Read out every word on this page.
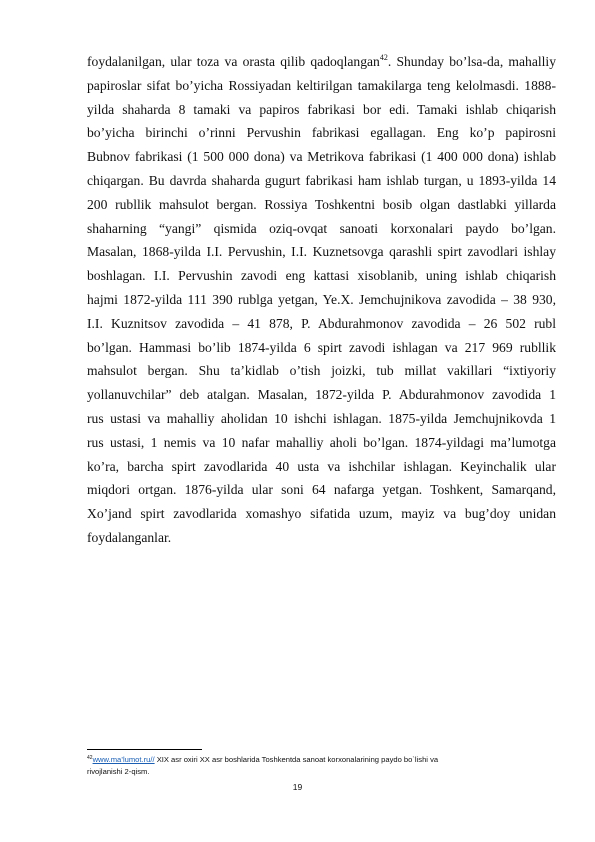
foydalanilgan, ular toza va orasta qilib qadoqlangan$^{42}$. Shunday bo’lsa-da, mahalliy
papiroslar sifat bo’yicha Rossiyadan keltirilgan tamakilarga teng kelolmasdi. 1888-
yilda shaharda 8 tamaki va papiros fabrikasi bor edi. Tamaki ishlab chiqarish
bo’yicha birinchi o’rinni Pervushin fabrikasi egallagan. Eng ko’p papirosni
Bubnov fabrikasi (1 500 000 dona) va Metrikova fabrikasi (1 400 000 dona) ishlab
chiqargan. Bu davrda shaharda gugurt fabrikasi ham ishlab turgan, u 1893-yilda 14
200 rubllik mahsulot bergan. Rossiya Toshkentni bosib olgan dastlabki yillarda
shaharning “yangi” qismida oziq-ovqat sanoati korxonalari paydo bo’lgan.
Masalan, 1868-yilda I.I. Pervushin, I.I. Kuznetsovga qarashli spirt zavodlari ishlay
boshlagan. I.I. Pervushin zavodi eng kattasi xisoblanib, uning ishlab chiqarish
hajmi 1872-yilda 111 390 rublga yetgan, Ye.X. Jemchujnikova zavodida – 38 930,
I.I. Kuznitsov zavodida – 41 878, P. Abdurahmonov zavodida – 26 502 rubl
bo’lgan. Hammasi bo’lib 1874-yilda 6 spirt zavodi ishlagan va 217 969 rubllik
mahsulot bergan. Shu ta’kidlab o’tish joizki, tub millat vakillari “ixtiyoriy
yollanuvchilar” deb atalgan. Masalan, 1872-yilda P. Abdurahmonov zavodida 1
rus ustasi va mahalliy aholidan 10 ishchi ishlagan. 1875-yilda Jemchujnikovda 1
rus ustasi, 1 nemis va 10 nafar mahalliy aholi bo’lgan. 1874-yildagi ma’lumotga
ko’ra, barcha spirt zavodlarida 40 usta va ishchilar ishlagan. Keyinchalik ular
miqdori ortgan. 1876-yilda ular soni 64 nafarga yetgan. Toshkent, Samarqand,
Xo’jand spirt zavodlarida xomashyo sifatida uzum, mayiz va bug’doy unidan
foydalanganlar.
$^{42}$www.ma’lumot.ru// XIX asr oxiri XX asr boshlarida Toshkentda sanoat korxonalarining paydo bo`lishi va
rivojlanishi 2-qism.
19
